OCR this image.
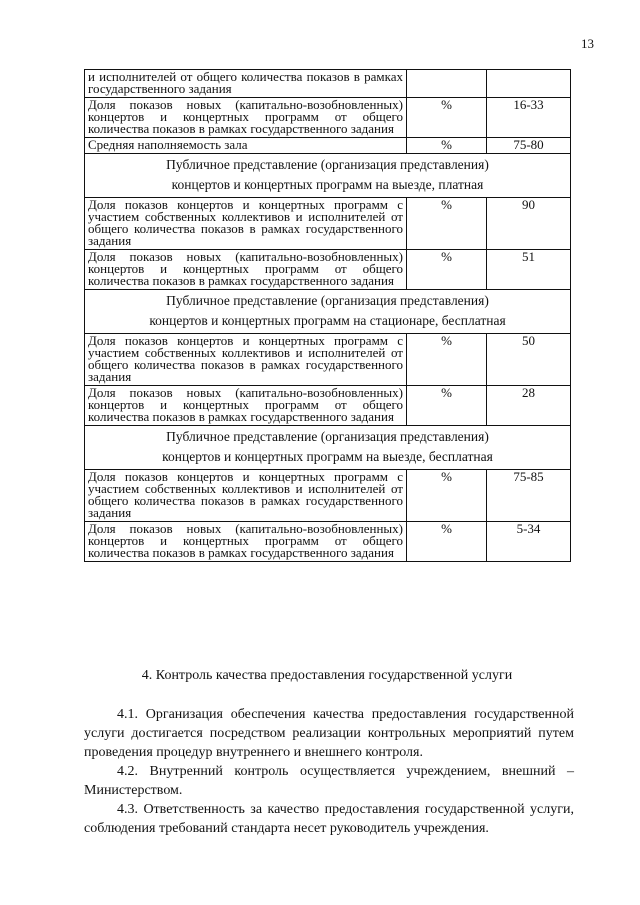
13
и исполнителей от общего количества показов в рамках государственного задания		
Доля показов новых (капитально-возобновленных) концертов и концертных программ от общего количества показов в рамках государственного задания	%	16-33
Средняя наполняемость зала	%	75-80

Публичное представление (организация представления)
концертов и концертных программ на выезде, платная		

Доля показов концертов и концертных программ с участием собственных коллективов и исполнителей от общего количества показов в рамках государственного задания	%	90
Доля показов новых (капитально-возобновленных) концертов и концертных программ от общего количества показов в рамках государственного задания	%	51

Публичное представление (организация представления)
концертов и концертных программ на стационаре, бесплатная		

Доля показов концертов и концертных программ с участием собственных коллективов и исполнителей от общего количества показов в рамках государственного задания	%	50
Доля показов новых (капитально-возобновленных) концертов и концертных программ от общего количества показов в рамках государственного задания	%	28

Публичное представление (организация представления)
концертов и концертных программ на выезде, бесплатная		

Доля показов концертов и концертных программ с участием собственных коллективов и исполнителей от общего количества показов в рамках государственного задания	%	75-85
Доля показов новых (капитально-возобновленных) концертов и концертных программ от общего количества показов в рамках государственного задания	%	5-34
4. Контроль качества предоставления государственной услуги

4.1. Организация обеспечения качества предоставления государственной услуги достигается посредством реализации контрольных мероприятий путем проведения процедур внутреннего и внешнего контроля.

4.2. Внутренний контроль осуществляется учреждением, внешний – Министерством.

4.3. Ответственность за качество предоставления государственной услуги, соблюдения требований стандарта несет руководитель учреждения.
